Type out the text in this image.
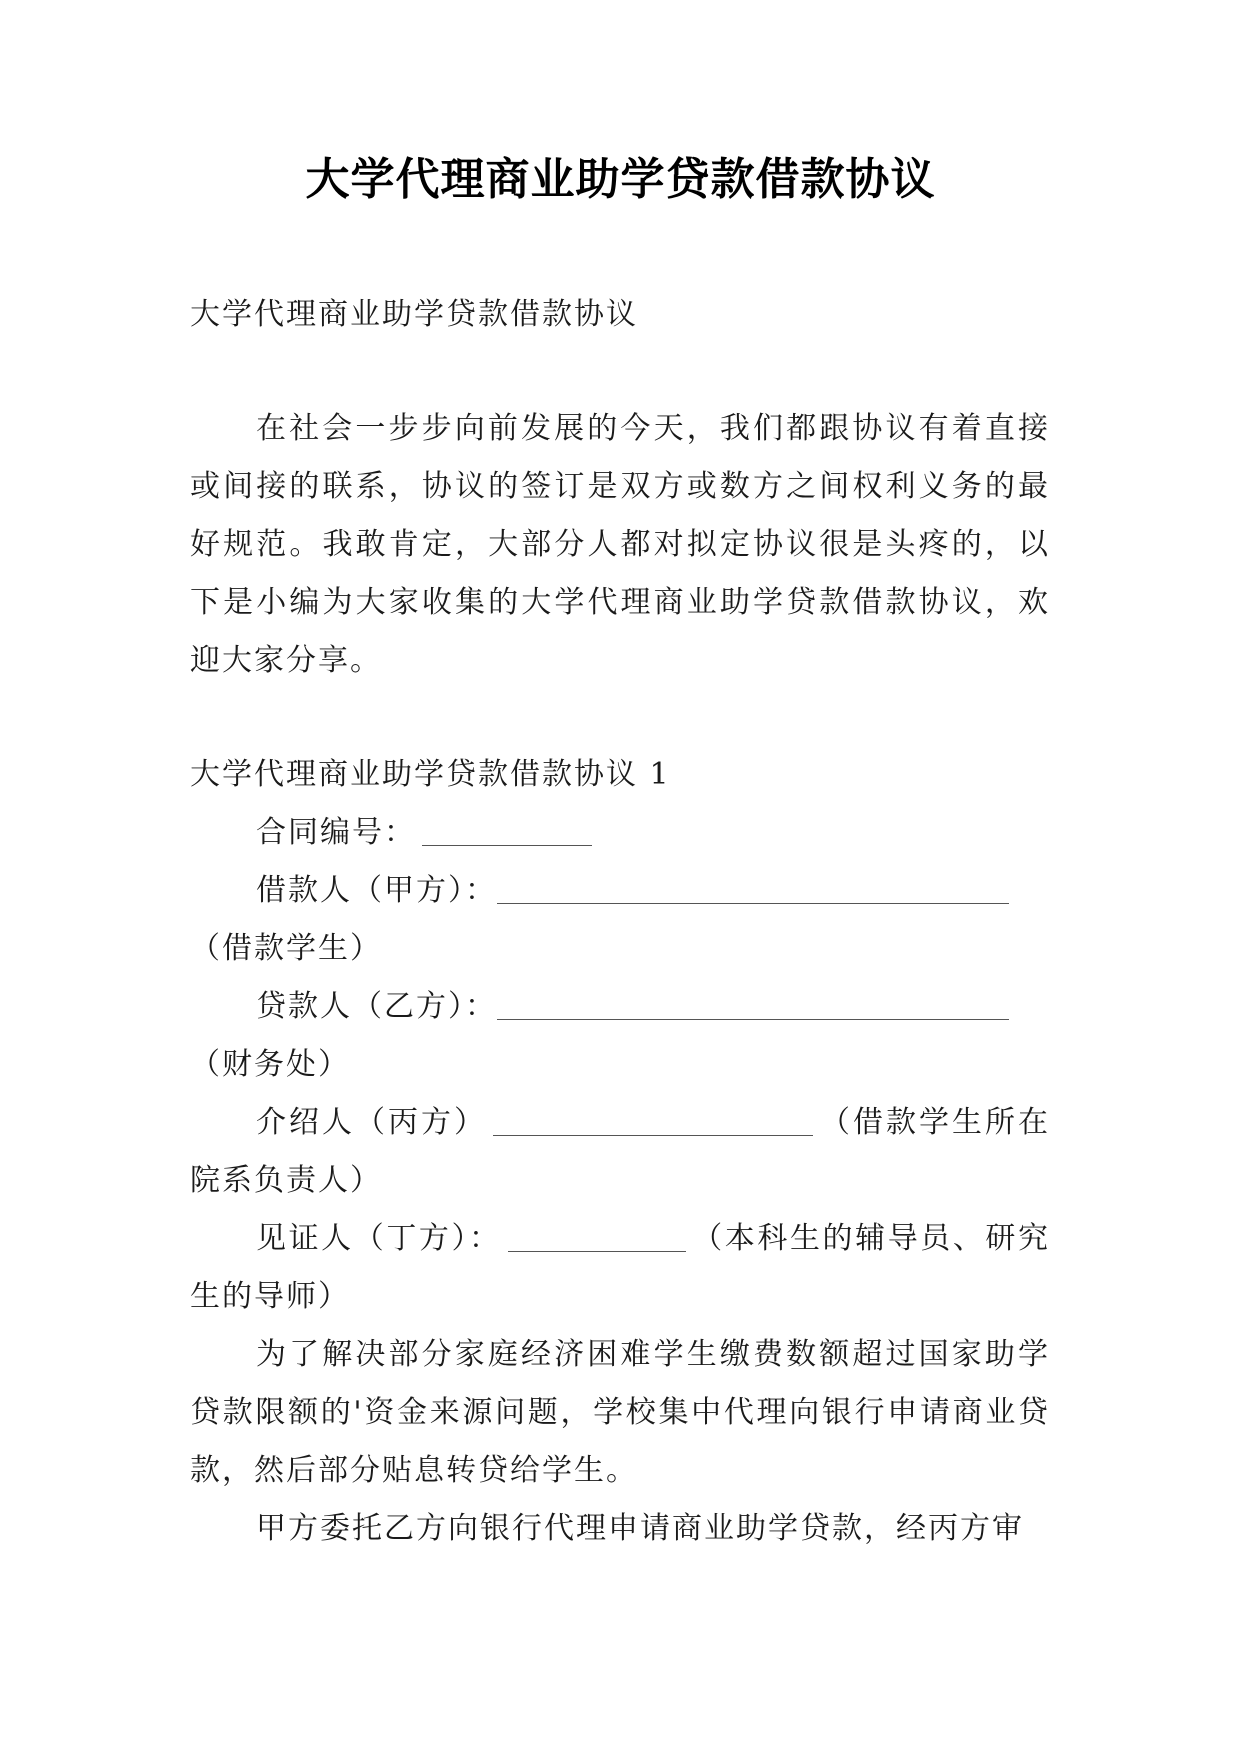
大学代理商业助学贷款借款协议

大学代理商业助学贷款借款协议

在社会一步步向前发展的今天，我们都跟协议有着直接或间接的联系，协议的签订是双方或数方之间权利义务的最好规范。我敢肯定，大部分人都对拟定协议很是头疼的，以下是小编为大家收集的大学代理商业助学贷款借款协议，欢迎大家分享。

大学代理商业助学贷款借款协议 1

合同编号：

借款人（甲方）：

（借款学生）

贷款人（乙方）：

（财务处）

介绍人（丙方）	（借款学生所在院系负责人）

见证人（丁方）：	（本科生的辅导员、研究生的导师）

为了解决部分家庭经济困难学生缴费数额超过国家助学贷款限额的'资金来源问题，学校集中代理向银行申请商业贷款，然后部分贴息转贷给学生。

甲方委托乙方向银行代理申请商业助学贷款，经丙方审
